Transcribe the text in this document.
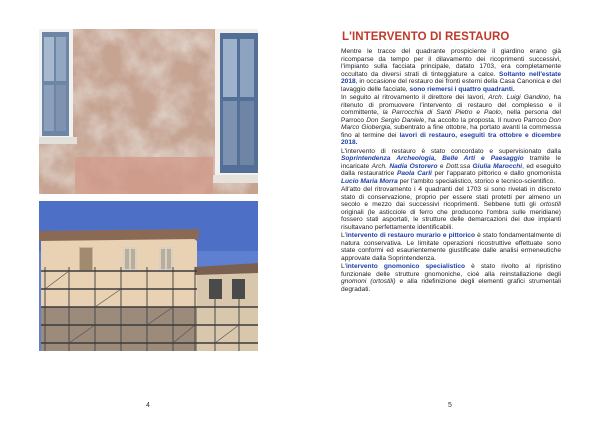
4
L'INTERVENTO DI RESTAURO

Mentre le tracce del quadrante prospiciente il giardino erano già ricomparse da tempo per il dilavamento dei ricoprimenti successivi, l'impianto sulla facciata principale, datato 1703, era completamente occultato da diversi strati di tinteggiature a calce. Soltanto nell'estate 2018, in occasione del restauro dei fronti esterni della Casa Canonica e del lavaggio delle facciate, sono riemersi i quattro quadranti.

In seguito al ritrovamento il direttore dei lavori, Arch. Luigi Gandino, ha ritenuto di promuovere l'intervento di restauro del complesso e il committente, la Parrocchia di Santi Pietro e Paolo, nella persona del Parroco Don Sergio Daniele, ha accolto la proposta. Il nuovo Parroco Don Marco Giobergia, subentrato a fine ottobre, ha portato avanti la commessa fino al termine dei lavori di restauro, eseguiti tra ottobre e dicembre 2018.

L'intervento di restauro è stato concordato e supervisionato dalla Soprintendenza Archeologia, Belle Arti e Paesaggio tramite le incaricate Arch. Nadia Ostorero e Dott.ssa Giulia Marocchi, ed eseguito dalla restauratrice Paola Carli per l'apparato pittorico e dallo gnomonista Lucio Maria Morra per l'ambito specialistico, storico e tecnico-scientifico.

All'atto del ritrovamento i 4 quadranti del 1703 si sono rivelati in discreto stato di conservazione, proprio per essere stati protetti per almeno un secolo e mezzo dai successivi ricoprimenti. Sebbene tutti gli ortostili originali (le asticciole di ferro che producono l'ombra sulle meridiane) fossero stati asportati, le strutture delle demarcazioni dei due impianti risultavano perfettamente identificabili.

L'intervento di restauro murario e pittorico è stato fondamentalmente di natura conservativa. Le limitate operazioni ricostruttive effettuate sono state conformi ed esaurientemente giustificate dalle analisi ermeneutiche approvate dalla Soprintendenza.

L'intervento gnomonico specialistico è stato rivolto al ripristino funzionale delle strutture gnomoniche, cioè alla reinstallazione degli gnomoni (ortostili) e alla ridefinizione degli elementi grafici strumentali degradati.

5
